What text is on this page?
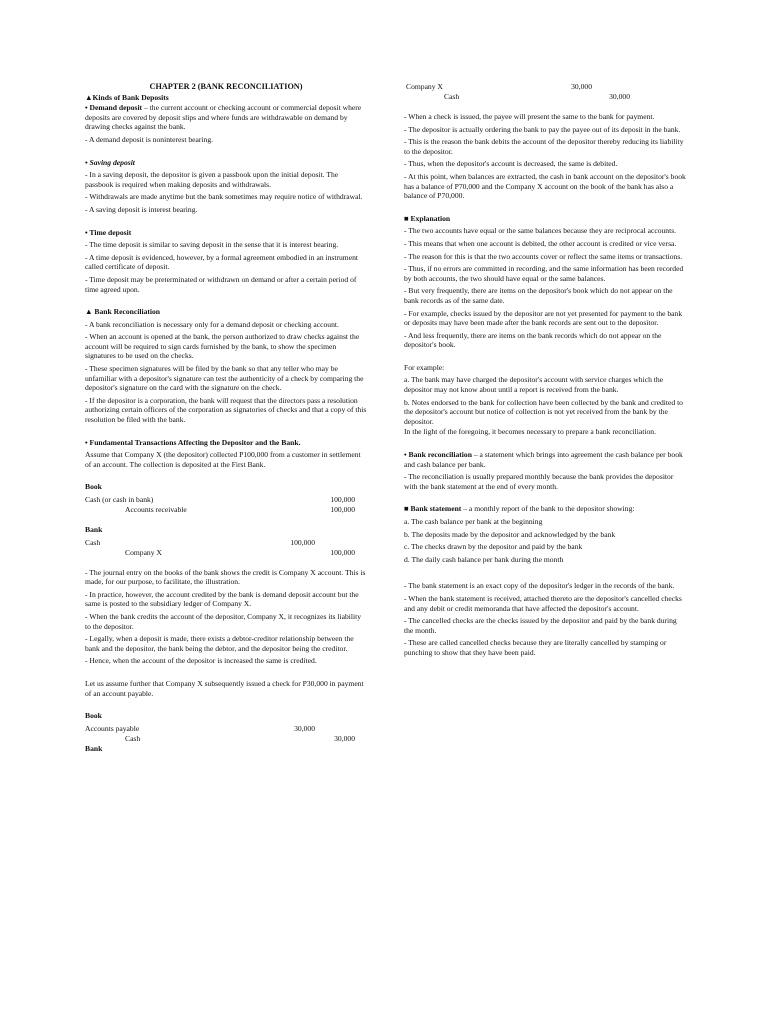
CHAPTER 2 (BANK RECONCILIATION)

▲Kinds of Bank Deposits

• Demand deposit – the current account or checking account or commercial deposit where deposits are covered by deposit slips and where funds are withdrawable on demand by drawing checks against the bank.

- A demand deposit is noninterest bearing.

• Saving deposit

- In a saving deposit, the depositor is given a passbook upon the initial deposit. The passbook is required when making deposits and withdrawals.

- Withdrawals are made anytime but the bank sometimes may require notice of withdrawal.

- A saving deposit is interest bearing.

• Time deposit

- The time deposit is similar to saving deposit in the sense that it is interest bearing.

- A time deposit is evidenced, however, by a formal agreement embodied in an instrument called certificate of deposit.

- Time deposit may be preterminated or withdrawn on demand or after a certain period of time agreed upon.

▲ Bank Reconciliation

- A bank reconciliation is necessary only for a demand deposit or checking account.

- When an account is opened at the bank, the person authorized to draw checks against the account will be required to sign cards furnished by the bank, to show the specimen signatures to be used on the checks.

- These specimen signatures will be filed by the bank so that any teller who may be unfamiliar with a depositor's signature can test the authenticity of a check by comparing the depositor's signature on the card with the signature on the check.

- If the depositor is a corporation, the bank will request that the directors pass a resolution authorizing certain officers of the corporation as signatories of checks and that a copy of this resolution be filed with the bank.

• Fundamental Transactions Affecting the Depositor and the Bank.

Assume that Company X (the depositor) collected P100,000 from a customer in settlement of an account. The collection is deposited at the First Bank.

Book

Cash (or cash in bank)	100,000
Accounts receivable	100,000

Bank

Cash	100,000
Company X	100,000

- The journal entry on the books of the bank shows the credit is Company X account. This is made, for our purpose, to facilitate, the illustration.

- In practice, however, the account credited by the bank is demand deposit account but the same is posted to the subsidiary ledger of Company X.

- When the bank credits the account of the depositor, Company X, it recognizes its liability to the depositor.

- Legally, when a deposit is made, there exists a debtor-creditor relationship between the bank and the depositor, the bank being the debtor, and the depositor being the creditor.

- Hence, when the account of the depositor is increased the same is credited.

Let us assume further that Company X subsequently issued a check for P30,000 in payment of an account payable.

Book

Accounts payable	30,000
Cash	30,000

Bank

Company X	30,000
Cash	30,000

- When a check is issued, the payee will present the same to the bank for payment.

- The depositor is actually ordering the bank to pay the payee out of its deposit in the bank.

- This is the reason the bank debits the account of the depositor thereby reducing its liability to the depositor.

- Thus, when the depositor's account is decreased, the same is debited.

- At this point, when balances are extracted, the cash in bank account on the depositor's book has a balance of P70,000 and the Company X account on the book of the bank has also a balance of P70,000.

■ Explanation

- The two accounts have equal or the same balances because they are reciprocal accounts.

- This means that when one account is debited, the other account is credited or vice versa.

- The reason for this is that the two accounts cover or reflect the same items or transactions.

- Thus, if no errors are committed in recording, and the same information has been recorded by both accounts, the two should have equal or the same balances.

- But very frequently, there are items on the depositor's book which do not appear on the bank records as of the same date.

- For example, checks issued by the depositor are not yet presented for payment to the bank or deposits may have been made after the bank records are sent out to the depositor.

- And less frequently, there are items on the bank records which do not appear on the depositor's book.

For example:

a. The bank may have charged the depositor's account with service charges which the depositor may not know about until a report is received from the bank.

b. Notes endorsed to the bank for collection have been collected by the bank and credited to the depositor's account but notice of collection is not yet received from the bank by the depositor.

In the light of the foregoing, it becomes necessary to prepare a bank reconciliation.

• Bank reconciliation – a statement which brings into agreement the cash balance per book and cash balance per bank.

- The reconciliation is usually prepared monthly because the bank provides the depositor with the bank statement at the end of every month.

■ Bank statement – a monthly report of the bank to the depositor showing:

a. The cash balance per bank at the beginning

b. The deposits made by the depositor and acknowledged by the bank

c. The checks drawn by the depositor and paid by the bank

d. The daily cash balance per bank during the month

- The bank statement is an exact copy of the depositor's ledger in the records of the bank.

- When the bank statement is received, attached thereto are the depositor's cancelled checks and any debit or credit memoranda that have affected the depositor's account.

- The cancelled checks are the checks issued by the depositor and paid by the bank during the month.

- These are called cancelled checks because they are literally cancelled by stamping or punching to show that they have been paid.
